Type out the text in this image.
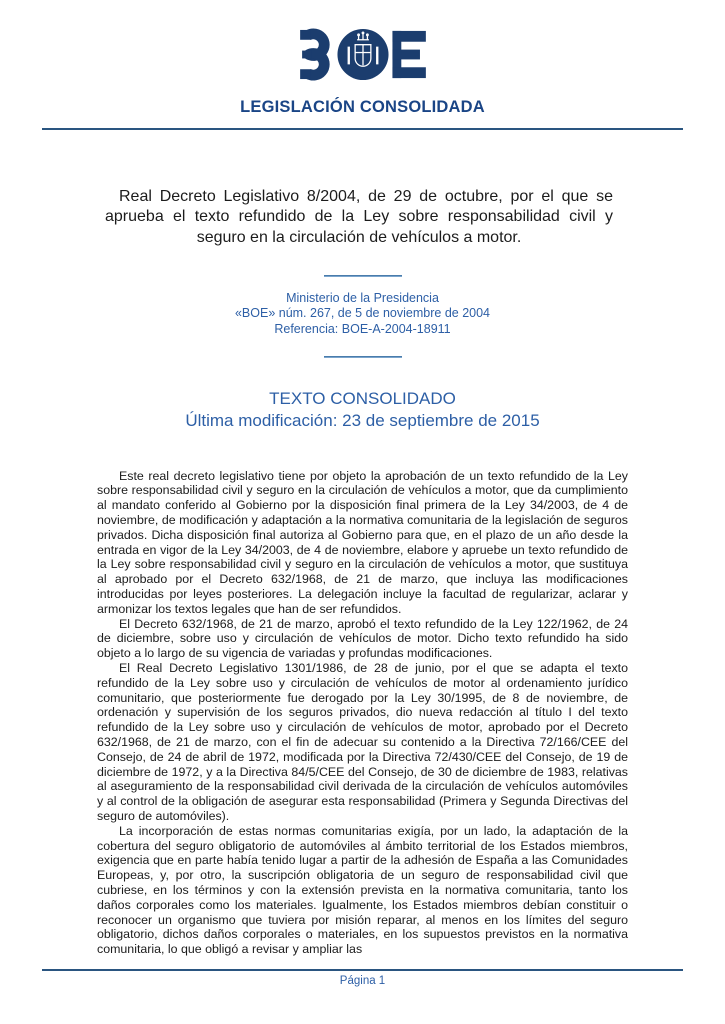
LEGISLACIÓN CONSOLIDADA
Real Decreto Legislativo 8/2004, de 29 de octubre, por el que se aprueba el texto refundido de la Ley sobre responsabilidad civil y seguro en la circulación de vehículos a motor.
Ministerio de la Presidencia
«BOE» núm. 267, de 5 de noviembre de 2004
Referencia: BOE-A-2004-18911
TEXTO CONSOLIDADO
Última modificación: 23 de septiembre de 2015

Este real decreto legislativo tiene por objeto la aprobación de un texto refundido de la Ley sobre responsabilidad civil y seguro en la circulación de vehículos a motor, que da cumplimiento al mandato conferido al Gobierno por la disposición final primera de la Ley 34/2003, de 4 de noviembre, de modificación y adaptación a la normativa comunitaria de la legislación de seguros privados. Dicha disposición final autoriza al Gobierno para que, en el plazo de un año desde la entrada en vigor de la Ley 34/2003, de 4 de noviembre, elabore y apruebe un texto refundido de la Ley sobre responsabilidad civil y seguro en la circulación de vehículos a motor, que sustituya al aprobado por el Decreto 632/1968, de 21 de marzo, que incluya las modificaciones introducidas por leyes posteriores. La delegación incluye la facultad de regularizar, aclarar y armonizar los textos legales que han de ser refundidos.

El Decreto 632/1968, de 21 de marzo, aprobó el texto refundido de la Ley 122/1962, de 24 de diciembre, sobre uso y circulación de vehículos de motor. Dicho texto refundido ha sido objeto a lo largo de su vigencia de variadas y profundas modificaciones.

El Real Decreto Legislativo 1301/1986, de 28 de junio, por el que se adapta el texto refundido de la Ley sobre uso y circulación de vehículos de motor al ordenamiento jurídico comunitario, que posteriormente fue derogado por la Ley 30/1995, de 8 de noviembre, de ordenación y supervisión de los seguros privados, dio nueva redacción al título I del texto refundido de la Ley sobre uso y circulación de vehículos de motor, aprobado por el Decreto 632/1968, de 21 de marzo, con el fin de adecuar su contenido a la Directiva 72/166/CEE del Consejo, de 24 de abril de 1972, modificada por la Directiva 72/430/CEE del Consejo, de 19 de diciembre de 1972, y a la Directiva 84/5/CEE del Consejo, de 30 de diciembre de 1983, relativas al aseguramiento de la responsabilidad civil derivada de la circulación de vehículos automóviles y al control de la obligación de asegurar esta responsabilidad (Primera y Segunda Directivas del seguro de automóviles).

La incorporación de estas normas comunitarias exigía, por un lado, la adaptación de la cobertura del seguro obligatorio de automóviles al ámbito territorial de los Estados miembros, exigencia que en parte había tenido lugar a partir de la adhesión de España a las Comunidades Europeas, y, por otro, la suscripción obligatoria de un seguro de responsabilidad civil que cubriese, en los términos y con la extensión prevista en la normativa comunitaria, tanto los daños corporales como los materiales. Igualmente, los Estados miembros debían constituir o reconocer un organismo que tuviera por misión reparar, al menos en los límites del seguro obligatorio, dichos daños corporales o materiales, en los supuestos previstos en la normativa comunitaria, lo que obligó a revisar y ampliar las

Página 1
